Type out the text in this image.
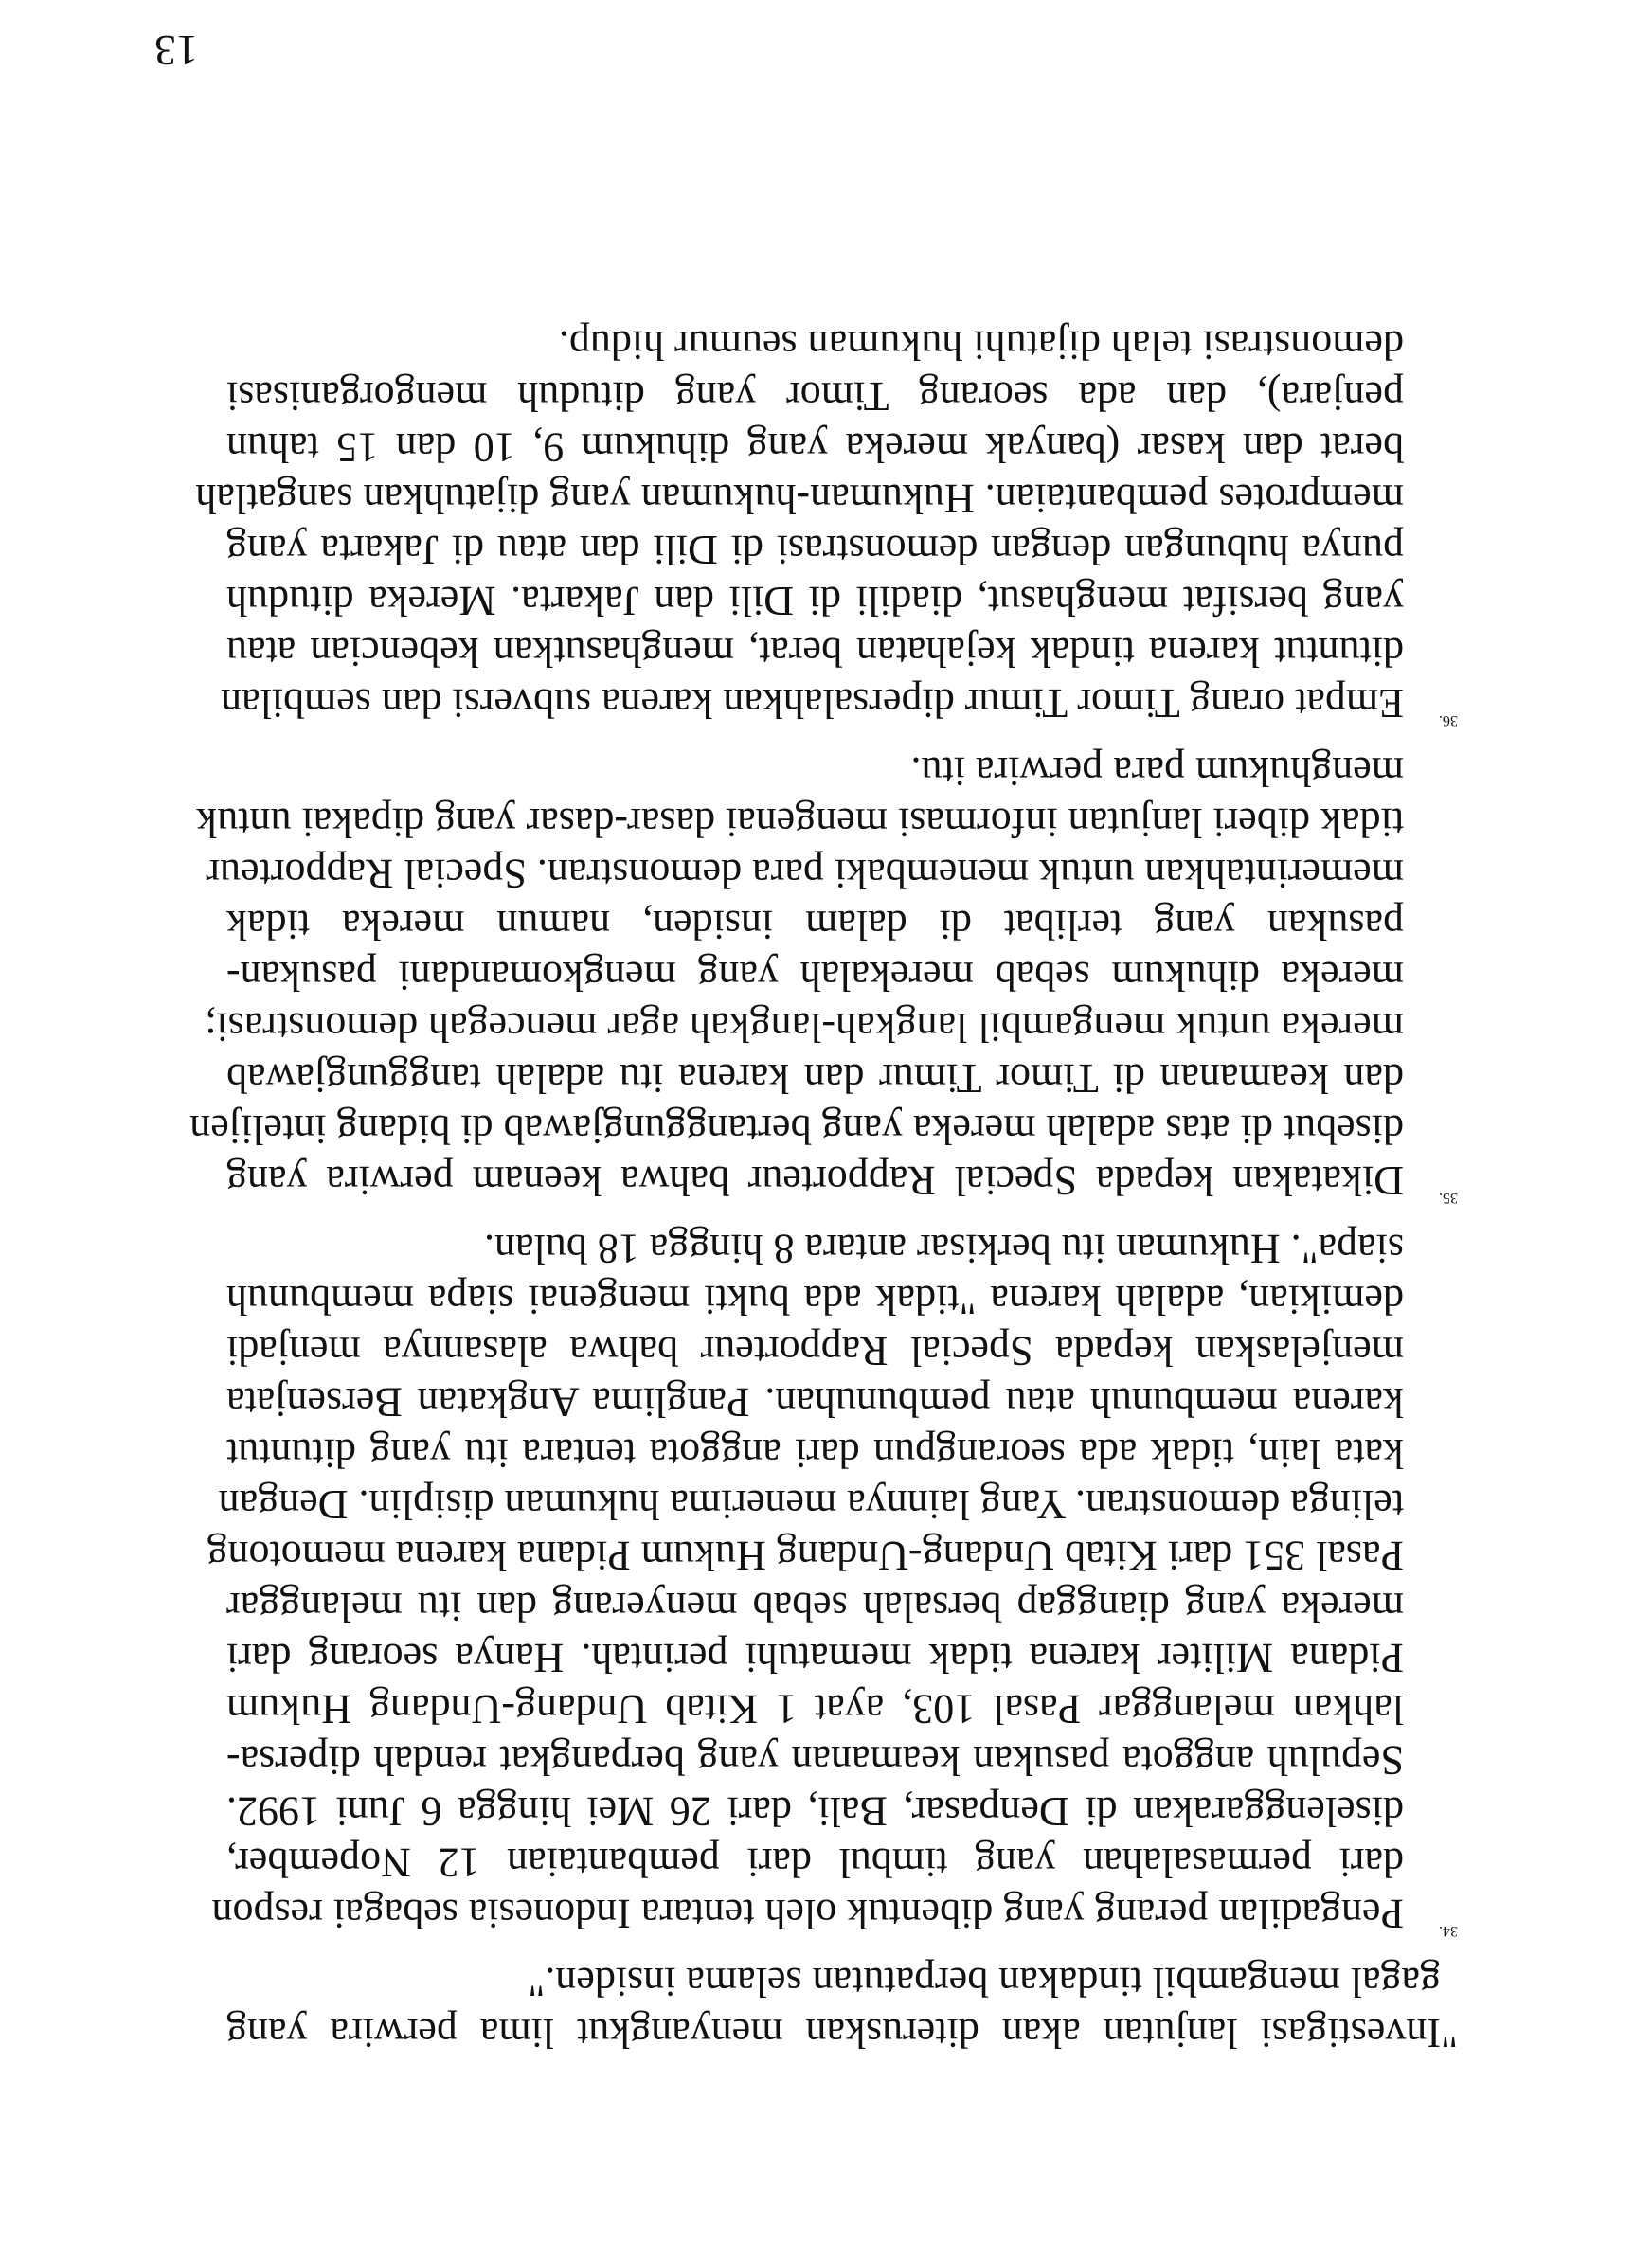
"Investigasi lanjutan akan diteruskan menyangkut lima perwira yang
gagal mengambil tindakan berpatutan selama insiden."
34.
Pengadilan perang yang dibentuk oleh tentara Indonesia sebagai respon
dari permasalahan yang timbul dari pembantaian 12 Nopember,
diselenggarakan di Denpasar, Bali, dari 26 Mei hingga 6 Juni 1992.
Sepuluh anggota pasukan keamanan yang berpangkat rendah dipersa-
lahkan melanggar Pasal 103, ayat 1 Kitab Undang-Undang Hukum
Pidana Militer karena tidak mematuhi perintah. Hanya seorang dari
mereka yang dianggap bersalah sebab menyerang dan itu melanggar
Pasal 351 dari Kitab Undang-Undang Hukum Pidana karena memotong
telinga demonstran. Yang lainnya menerima hukuman disiplin. Dengan
kata lain, tidak ada seorangpun dari anggota tentara itu yang dituntut
karena membunuh atau pembunuhan. Panglima Angkatan Bersenjata
menjelaskan kepada Special Rapporteur bahwa alasannya menjadi
demikian, adalah karena "tidak ada bukti mengenai siapa membunuh
siapa". Hukuman itu berkisar antara 8 hingga 18 bulan.
35.
Dikatakan kepada Special Rapporteur bahwa keenam perwira yang
disebut di atas adalah mereka yang bertanggungjawab di bidang intelijen
dan keamanan di Timor Timur dan karena itu adalah tanggungjawab
mereka untuk mengambil langkah-langkah agar mencegah demonstrasi;
mereka dihukum sebab merekalah yang mengkomandani pasukan-
pasukan yang terlibat di dalam insiden, namun mereka tidak
memerintahkan untuk menembaki para demonstran. Special Rapporteur
tidak diberi lanjutan informasi mengenai dasar-dasar yang dipakai untuk
menghukum para perwira itu.
36.
Empat orang Timor Timur dipersalahkan karena subversi dan sembilan
dituntut karena tindak kejahatan berat, menghasutkan kebencian atau
yang bersifat menghasut, diadili di Dili dan Jakarta. Mereka dituduh
punya hubungan dengan demonstrasi di Dili dan atau di Jakarta yang
memprotes pembantaian. Hukuman-hukuman yang dijatuhkan sangatlah
berat dan kasar (banyak mereka yang dihukum 9, 10 dan 15 tahun
penjara), dan ada seorang Timor yang dituduh mengorganisasi
demonstrasi telah dijatuhi hukuman seumur hidup.
13
